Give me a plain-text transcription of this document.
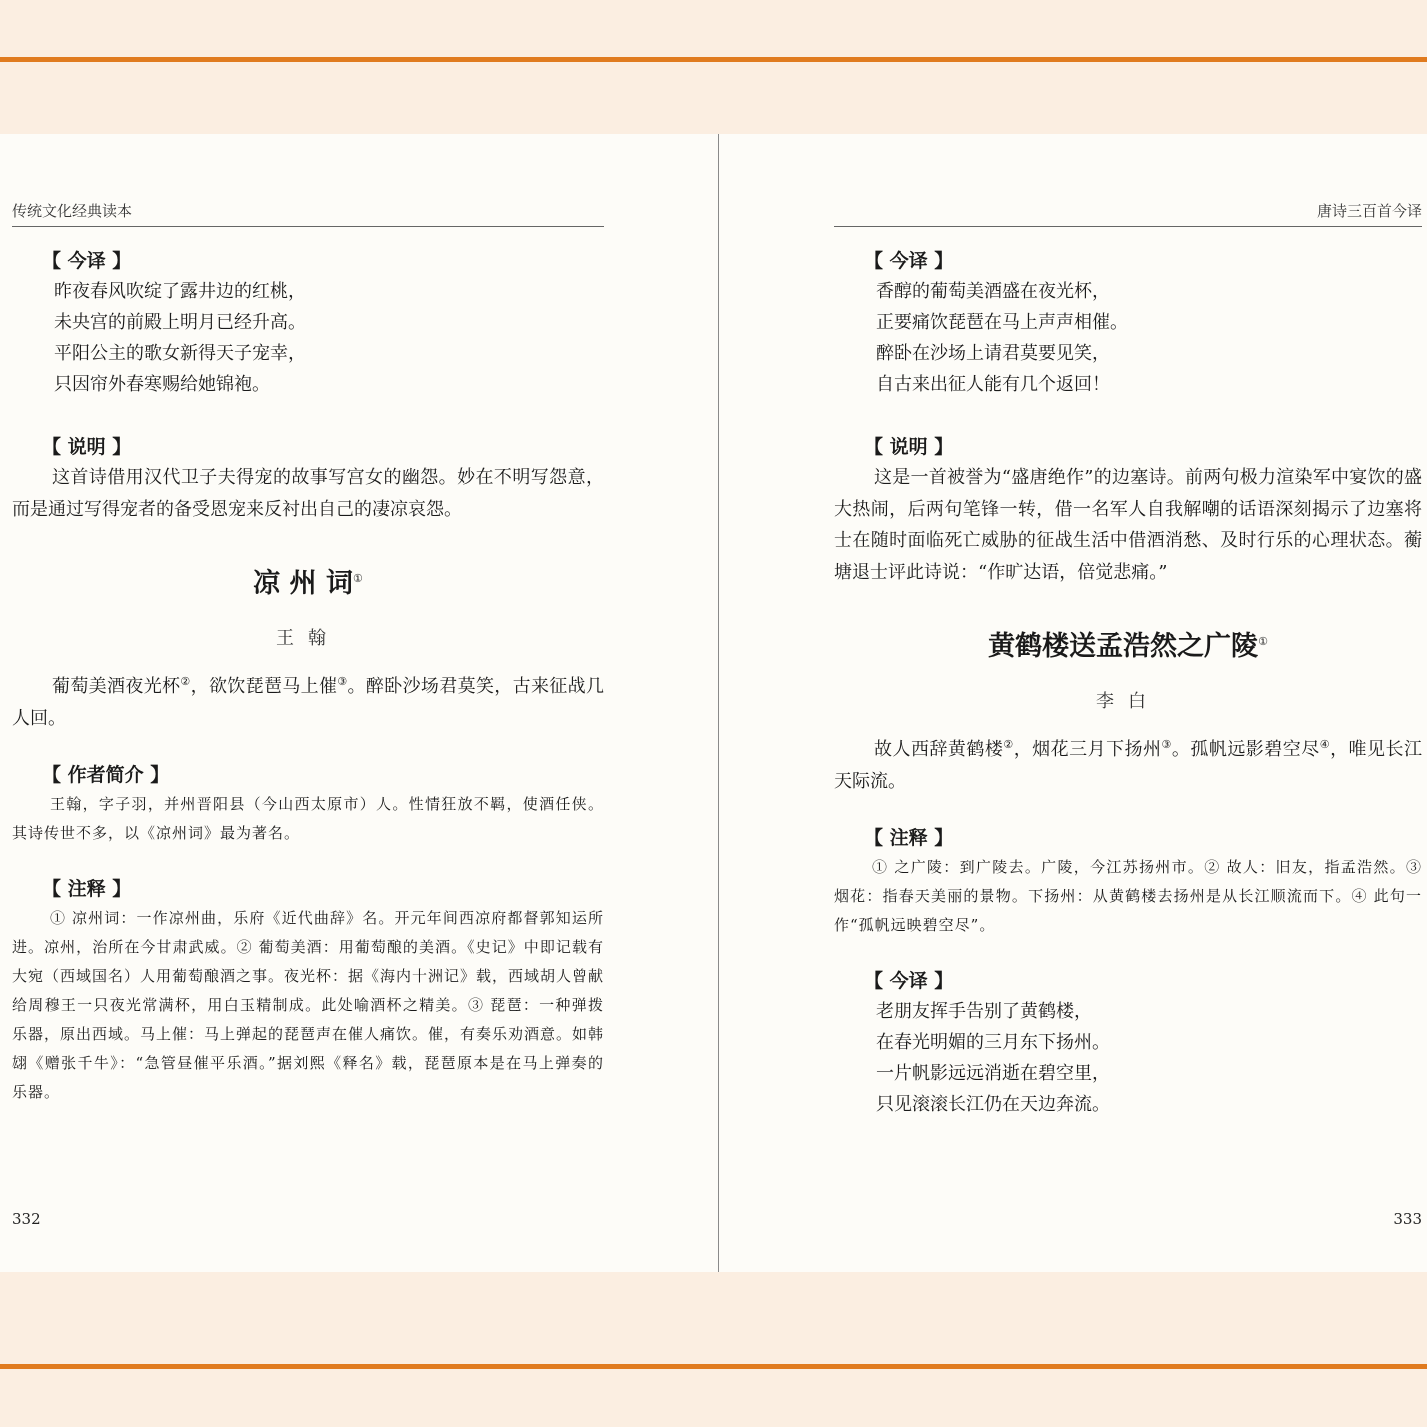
传统文化经典读本
【 今译 】
昨夜春风吹绽了露井边的红桃，
未央宫的前殿上明月已经升高。
平阳公主的歌女新得天子宠幸，
只因帘外春寒赐给她锦袍。
【 说明 】
这首诗借用汉代卫子夫得宠的故事写宫女的幽怨。妙在不明写怨意，而是通过写得宠者的备受恩宠来反衬出自己的凄凉哀怨。
凉 州 词①
王翰
葡萄美酒夜光杯②，欲饮琵琶马上催③。醉卧沙场君莫笑，古来征战几人回。
【 作者简介 】
王翰，字子羽，并州晋阳县（今山西太原市）人。性情狂放不羁，使酒任侠。其诗传世不多，以《凉州词》最为著名。
【 注释 】
① 凉州词：一作凉州曲，乐府《近代曲辞》名。开元年间西凉府都督郭知运所进。凉州，治所在今甘肃武威。② 葡萄美酒：用葡萄酿的美酒。《史记》中即记载有大宛（西域国名）人用葡萄酿酒之事。夜光杯：据《海内十洲记》载，西域胡人曾献给周穆王一只夜光常满杯，用白玉精制成。此处喻酒杯之精美。③ 琵琶：一种弹拨乐器，原出西域。马上催：马上弹起的琵琶声在催人痛饮。催，有奏乐劝酒意。如韩翃《赠张千牛》：“急管昼催平乐酒。”据刘熙《释名》载，琵琶原本是在马上弹奏的乐器。
332
唐诗三百首今译
【 今译 】
香醇的葡萄美酒盛在夜光杯，
正要痛饮琵琶在马上声声相催。
醉卧在沙场上请君莫要见笑，
自古来出征人能有几个返回！
【 说明 】
这是一首被誉为“盛唐绝作”的边塞诗。前两句极力渲染军中宴饮的盛大热闹，后两句笔锋一转，借一名军人自我解嘲的话语深刻揭示了边塞将士在随时面临死亡威胁的征战生活中借酒消愁、及时行乐的心理状态。蘅塘退士评此诗说：“作旷达语，倍觉悲痛。”
黄鹤楼送孟浩然之广陵①
李白
故人西辞黄鹤楼②，烟花三月下扬州③。孤帆远影碧空尽④，唯见长江天际流。
【 注释 】
① 之广陵：到广陵去。广陵，今江苏扬州市。② 故人：旧友，指孟浩然。③ 烟花：指春天美丽的景物。下扬州：从黄鹤楼去扬州是从长江顺流而下。④ 此句一作“孤帆远映碧空尽”。
【 今译 】
老朋友挥手告别了黄鹤楼，
在春光明媚的三月东下扬州。
一片帆影远远消逝在碧空里，
只见滚滚长江仍在天边奔流。
333
